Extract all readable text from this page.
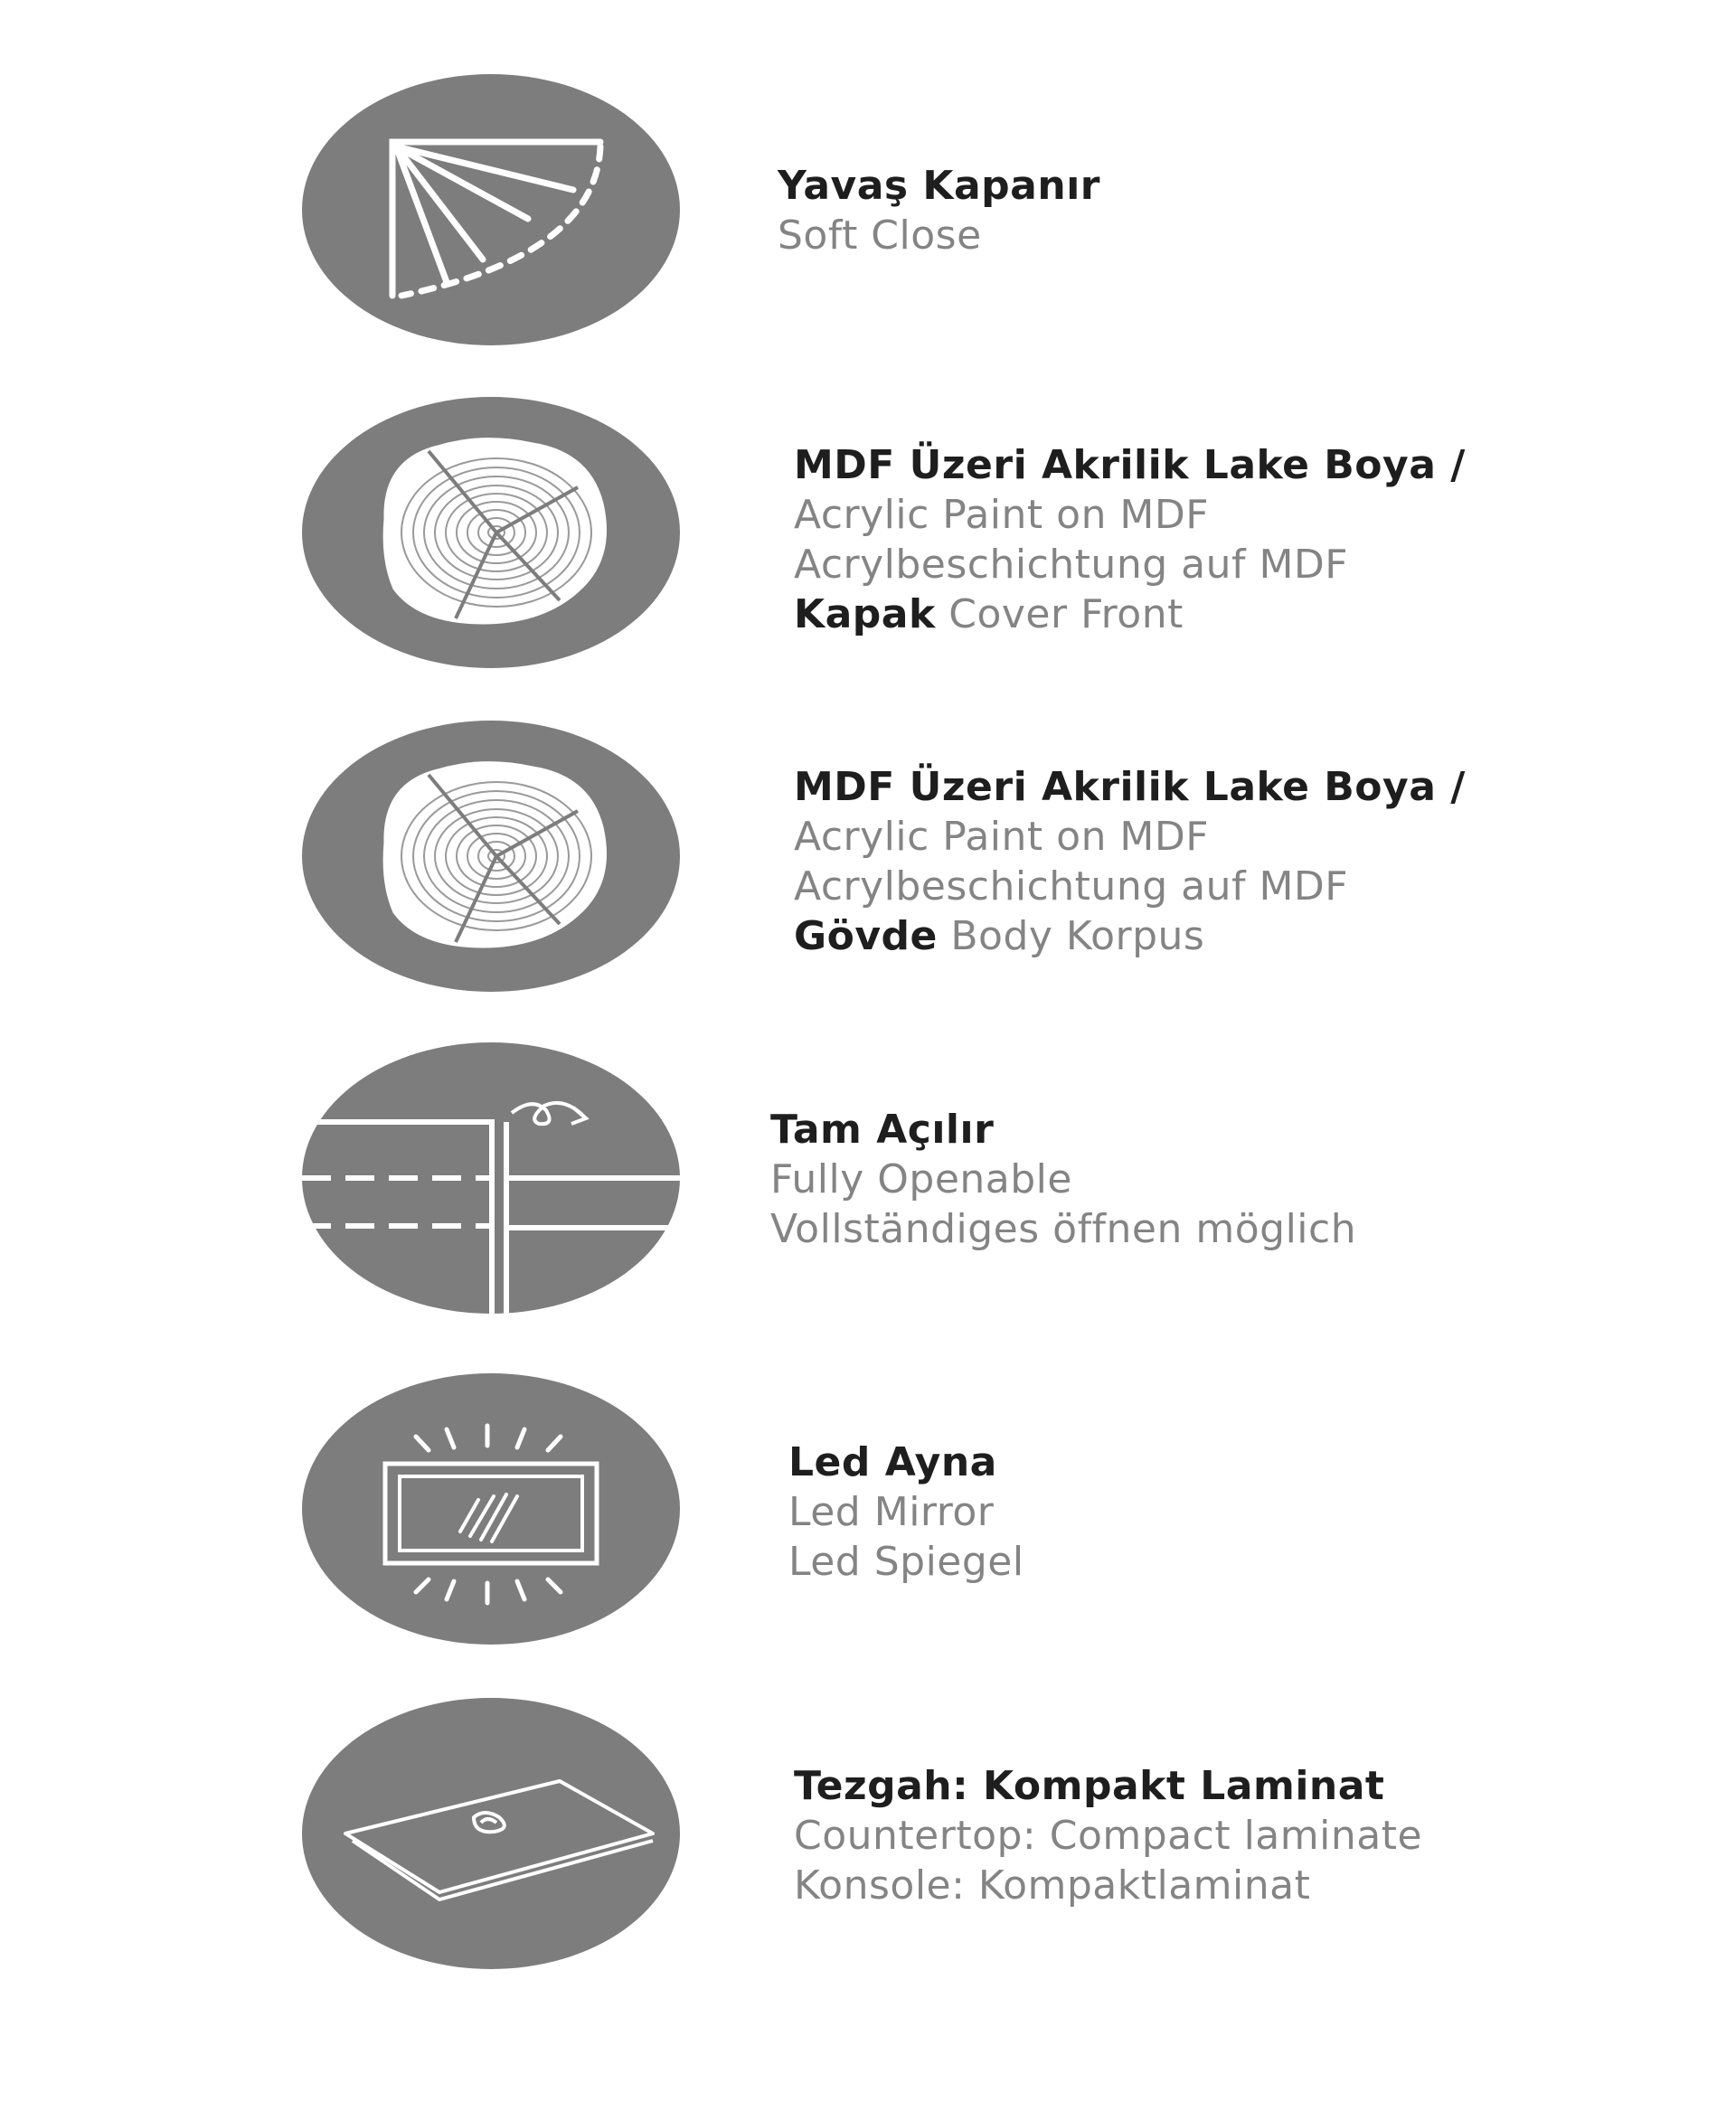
Yavaş Kapanır
Soft Close
MDF Üzeri Akrilik Lake Boya /
Acrylic Paint on MDF
Acrylbeschichtung auf MDF
Kapak Cover Front
MDF Üzeri Akrilik Lake Boya /
Acrylic Paint on MDF
Acrylbeschichtung auf MDF
Gövde Body Korpus
Tam Açılır
Fully Openable
Vollständiges öffnen möglich
Led Ayna
Led Mirror
Led Spiegel
Tezgah: Kompakt Laminat
Countertop: Compact laminate
Konsole: Kompaktlaminat
